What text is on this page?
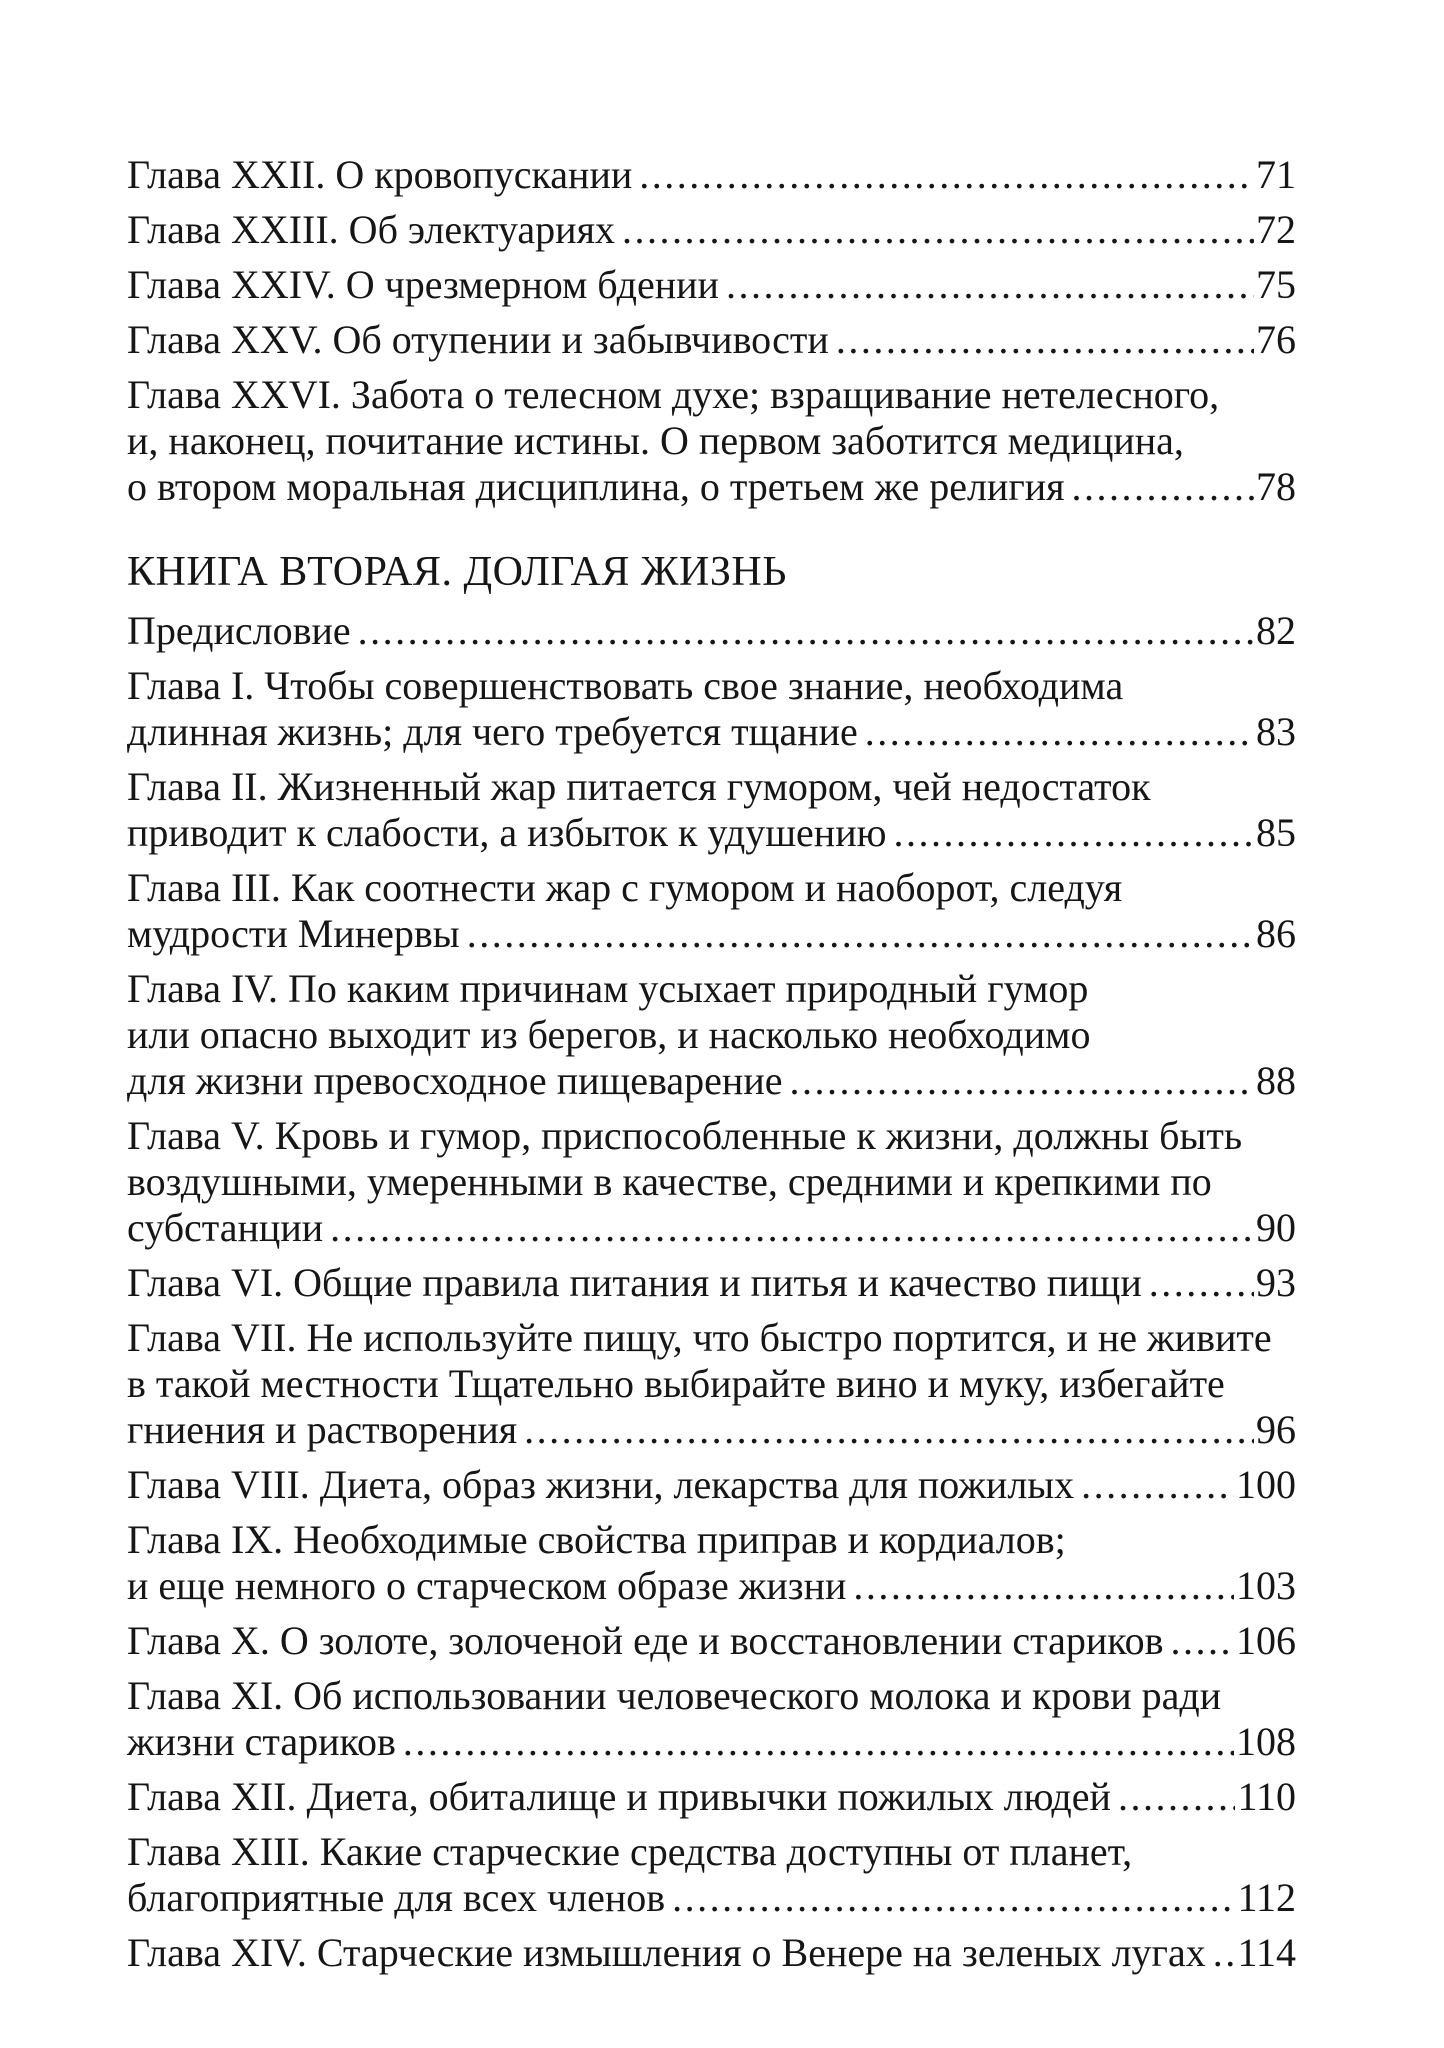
Глава XXII. О кровопускании .....	71
Глава XXIII. Об электуариях .....	72
Глава XXIV. О чрезмерном бдении .....	75
Глава XXV. Об отупении и забывчивости .....	76
Глава XXVI. Забота о телесном духе; взращивание нетелесного,
и, наконец, почитание истины. О первом заботится медицина,
о втором моральная дисциплина, о третьем же религия .....	78
КНИГА ВТОРАЯ. ДОЛГАЯ ЖИЗНЬ
Предисловие .....	82
Глава I. Чтобы совершенствовать свое знание, необходима
длинная жизнь; для чего требуется тщание .....	83
Глава II. Жизненный жар питается гумором, чей недостаток
приводит к слабости, а избыток к удушению .....	85
Глава III. Как соотнести жар с гумором и наоборот, следуя
мудрости Минервы .....	86
Глава IV. По каким причинам усыхает природный гумор
или опасно выходит из берегов, и насколько необходимо
для жизни превосходное пищеварение .....	88
Глава V. Кровь и гумор, приспособленные к жизни, должны быть
воздушными, умеренными в качестве, средними и крепкими по
субстанции .....	90
Глава VI. Общие правила питания и питья и качество пищи .....	93
Глава VII. Не используйте пищу, что быстро портится, и не живите
в такой местности Тщательно выбирайте вино и муку, избегайте
гниения и растворения .....	96
Глава VIII. Диета, образ жизни, лекарства для пожилых .....	100
Глава IX. Необходимые свойства приправ и кордиалов;
и еще немного о старческом образе жизни .....	103
Глава X. О золоте, золоченой еде и восстановлении стариков ..... 106
Глава XI. Об использовании человеческого молока и крови ради
жизни стариков .....	108
Глава XII. Диета, обиталище и привычки пожилых людей .....	110
Глава XIII. Какие старческие средства доступны от планет,
благоприятные для всех членов .....	112
Глава XIV. Старческие измышления о Венере на зеленых лугах ..... 114
